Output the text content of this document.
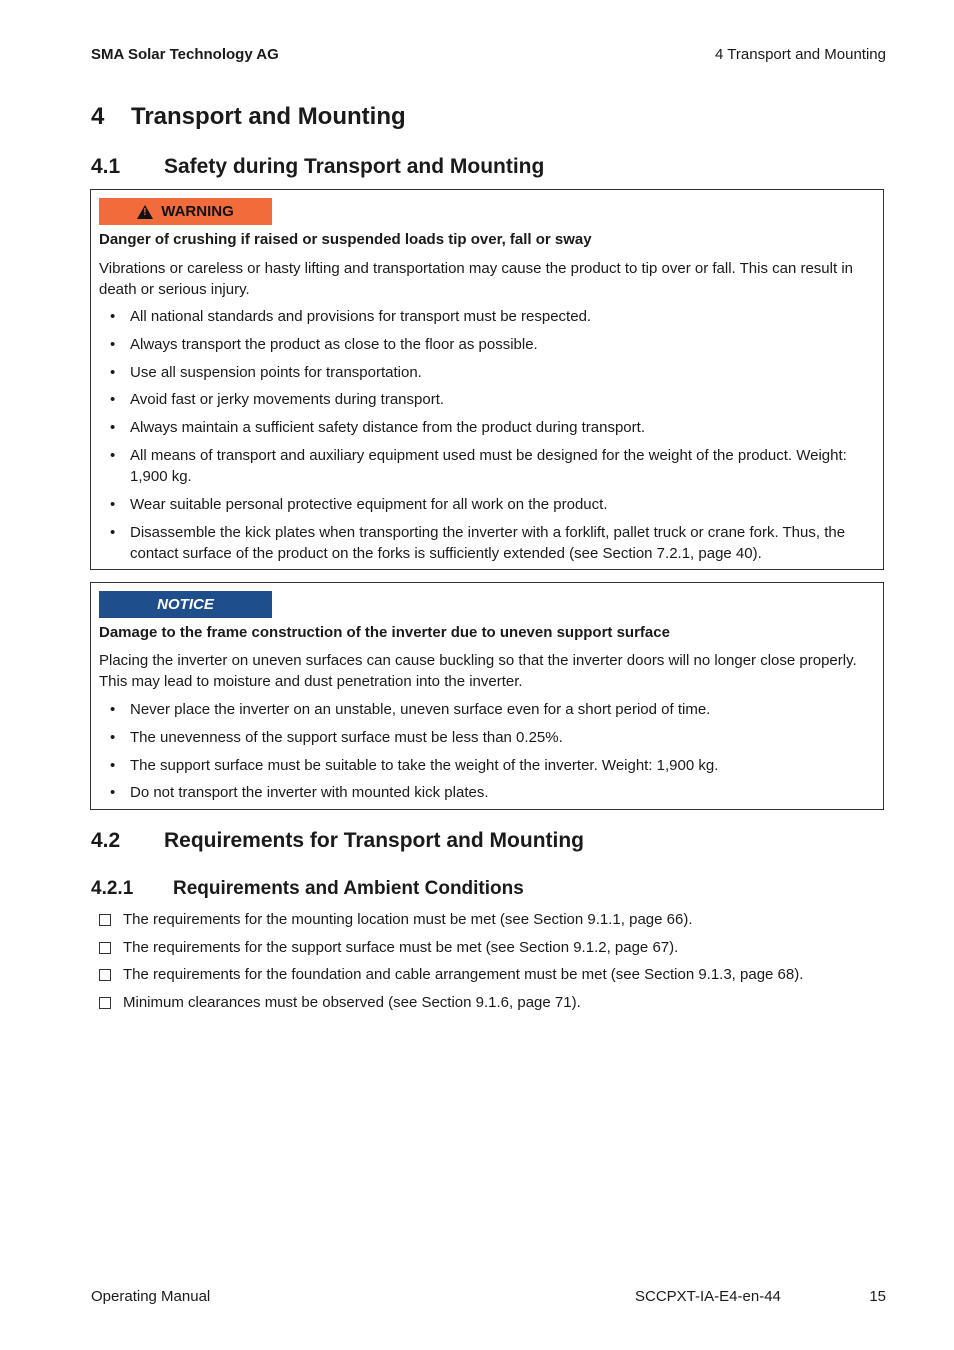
SMA Solar Technology AG	4 Transport and Mounting
4 Transport and Mounting
4.1 Safety during Transport and Mounting
!
WARNING
Danger of crushing if raised or suspended loads tip over, fall or sway
Vibrations or careless or hasty lifting and transportation may cause the product to tip over or fall. This can result in death or serious injury.
• All national standards and provisions for transport must be respected.
• Always transport the product as close to the floor as possible.
• Use all suspension points for transportation.
• Avoid fast or jerky movements during transport.
• Always maintain a sufficient safety distance from the product during transport.
• All means of transport and auxiliary equipment used must be designed for the weight of the product. Weight: 1,900 kg.
• Wear suitable personal protective equipment for all work on the product.
• Disassemble the kick plates when transporting the inverter with a forklift, pallet truck or crane fork. Thus, the contact surface of the product on the forks is sufficiently extended (see Section 7.2.1, page 40).
NOTICE
Damage to the frame construction of the inverter due to uneven support surface
Placing the inverter on uneven surfaces can cause buckling so that the inverter doors will no longer close properly. This may lead to moisture and dust penetration into the inverter.
• Never place the inverter on an unstable, uneven surface even for a short period of time.
• The unevenness of the support surface must be less than 0.25%.
• The support surface must be suitable to take the weight of the inverter. Weight: 1,900 kg.
• Do not transport the inverter with mounted kick plates.
4.2 Requirements for Transport and Mounting
4.2.1 Requirements and Ambient Conditions
The requirements for the mounting location must be met (see Section 9.1.1, page 66).
The requirements for the support surface must be met (see Section 9.1.2, page 67).
The requirements for the foundation and cable arrangement must be met (see Section 9.1.3, page 68).
Minimum clearances must be observed (see Section 9.1.6, page 71).
Operating Manual	SCCPXT-IA-E4-en-44	15
